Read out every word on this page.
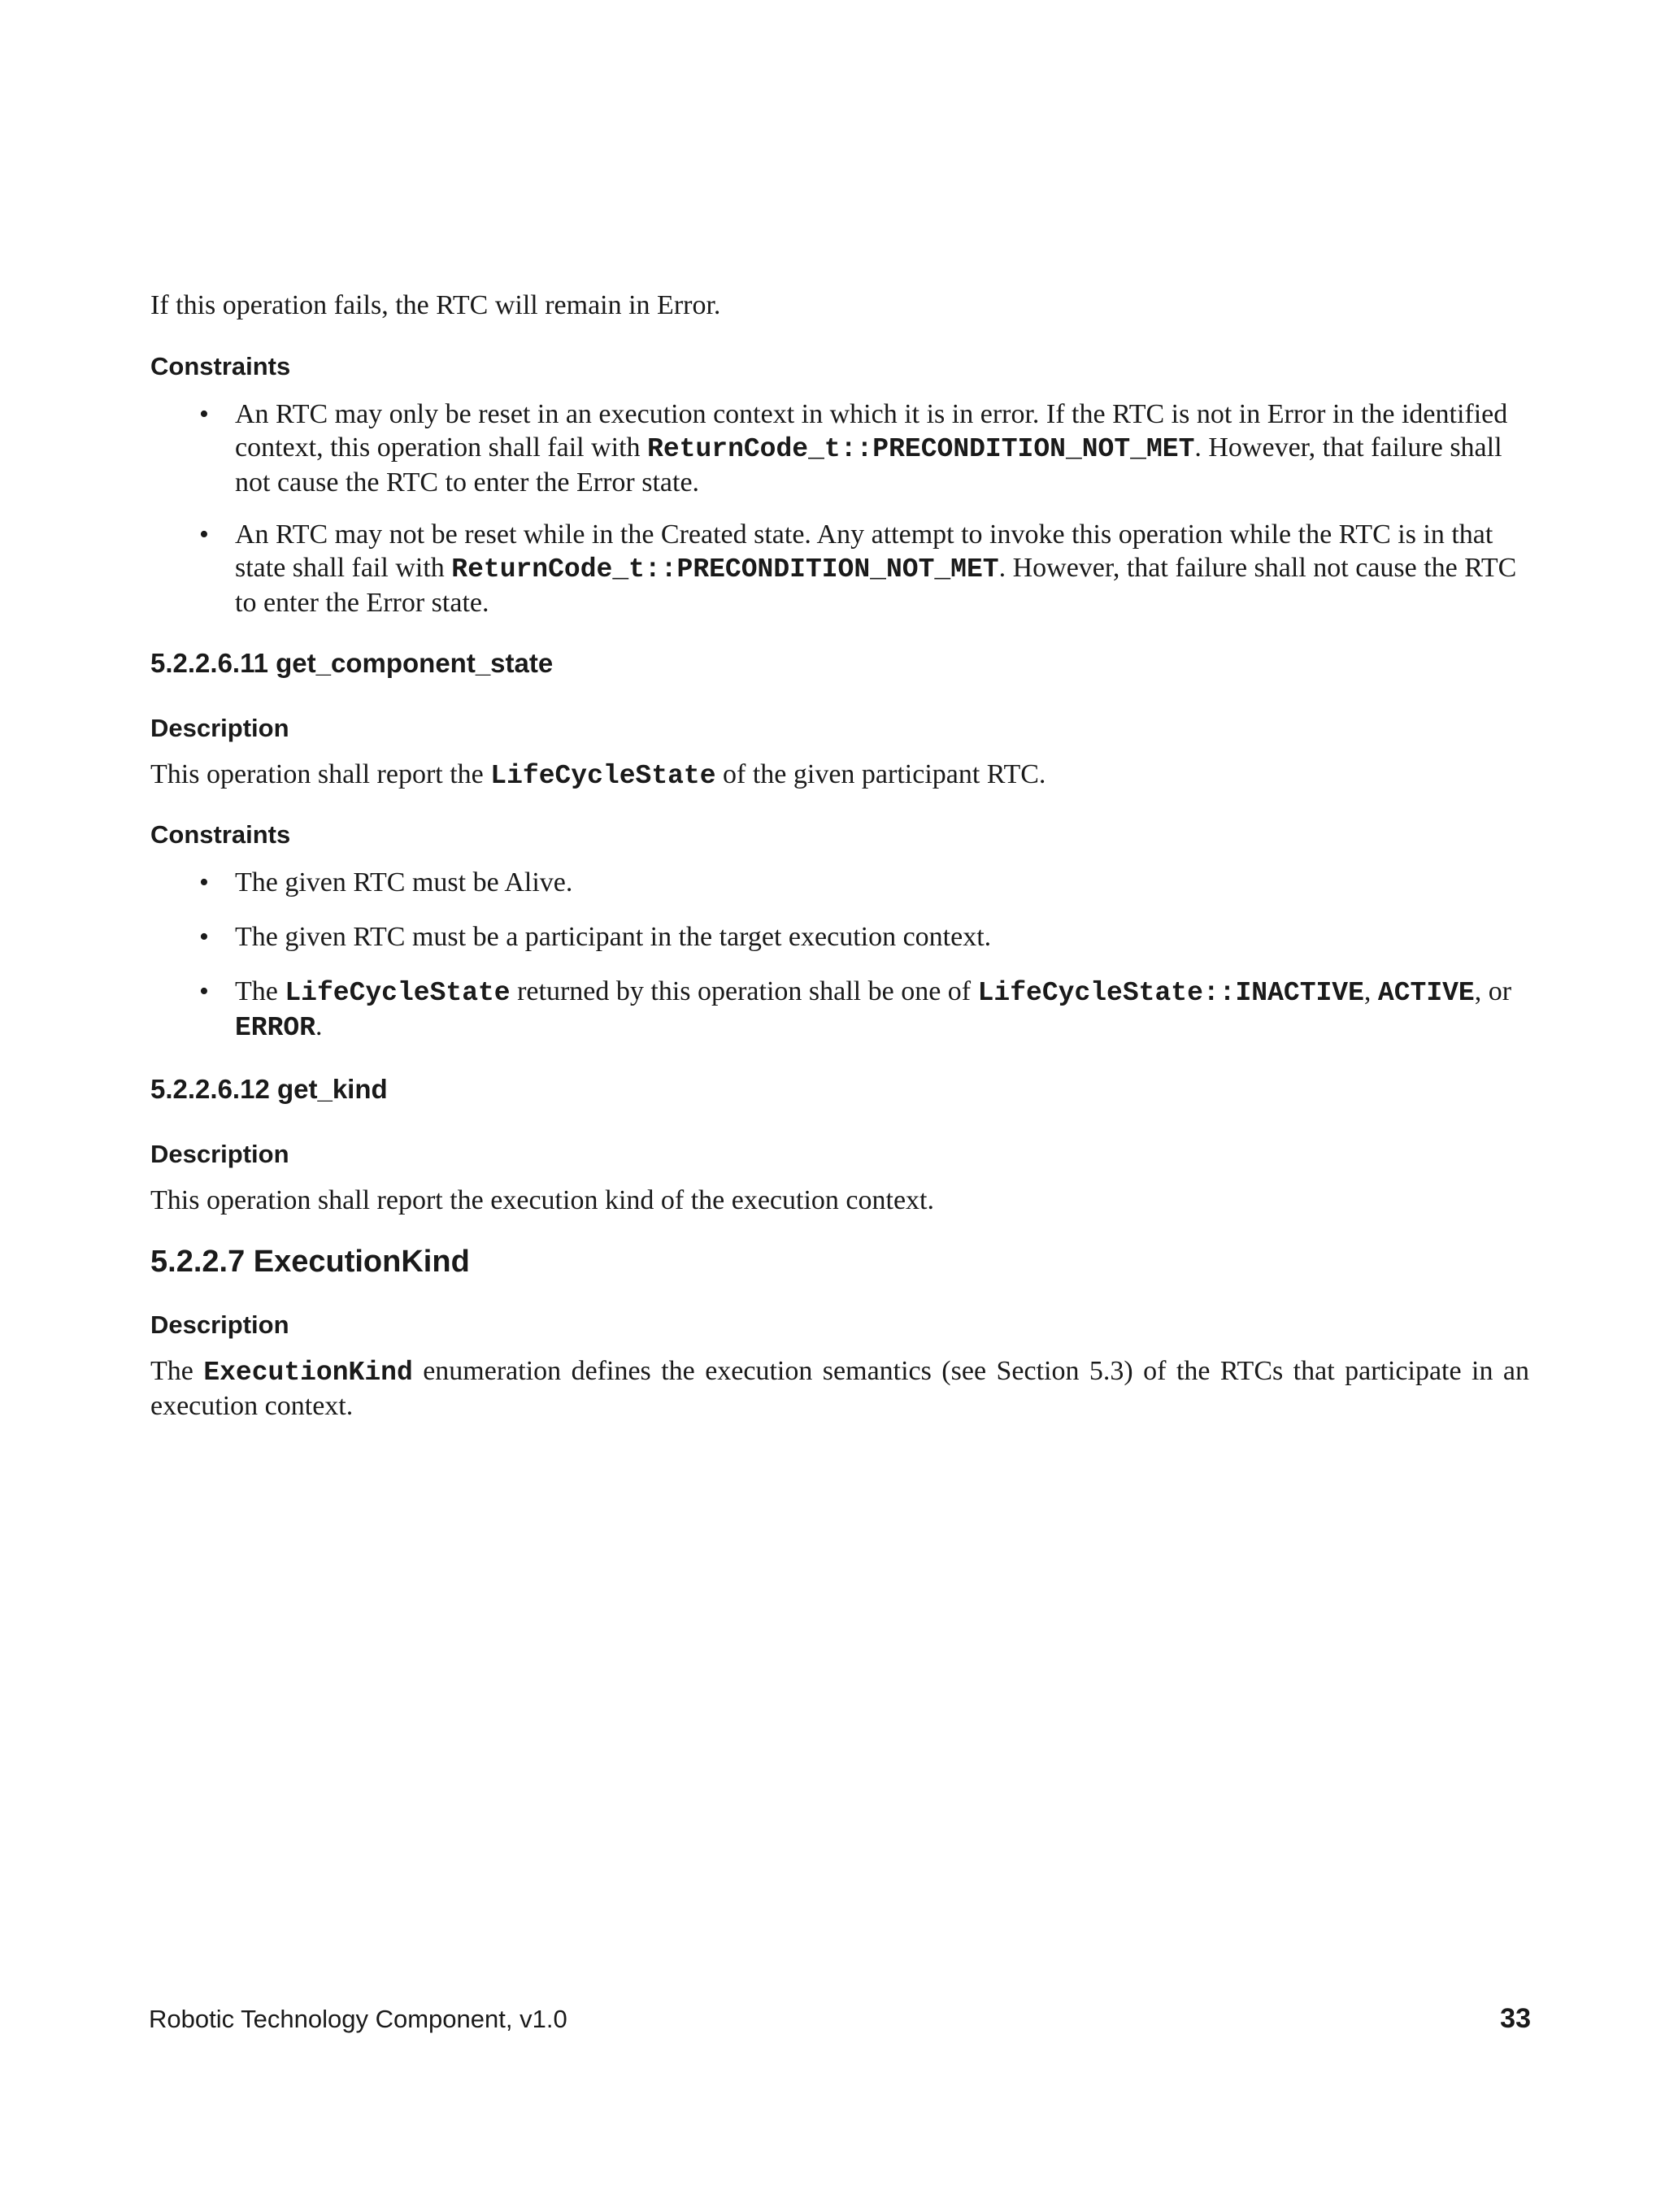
If this operation fails, the RTC will remain in Error.

Constraints

• An RTC may only be reset in an execution context in which it is in error. If the RTC is not in Error in the identified context, this operation shall fail with ReturnCode_t::PRECONDITION_NOT_MET. However, that failure shall not cause the RTC to enter the Error state.
• An RTC may not be reset while in the Created state. Any attempt to invoke this operation while the RTC is in that state shall fail with ReturnCode_t::PRECONDITION_NOT_MET. However, that failure shall not cause the RTC to enter the Error state.

5.2.2.6.11 get_component_state

Description

This operation shall report the LifeCycleState of the given participant RTC.

Constraints

• The given RTC must be Alive.
• The given RTC must be a participant in the target execution context.
• The LifeCycleState returned by this operation shall be one of LifeCycleState::INACTIVE, ACTIVE, or ERROR.

5.2.2.6.12 get_kind

Description

This operation shall report the execution kind of the execution context.

5.2.2.7 ExecutionKind

Description

The ExecutionKind enumeration defines the execution semantics (see Section 5.3) of the RTCs that participate in an execution context.

Robotic Technology Component, v1.0	33
